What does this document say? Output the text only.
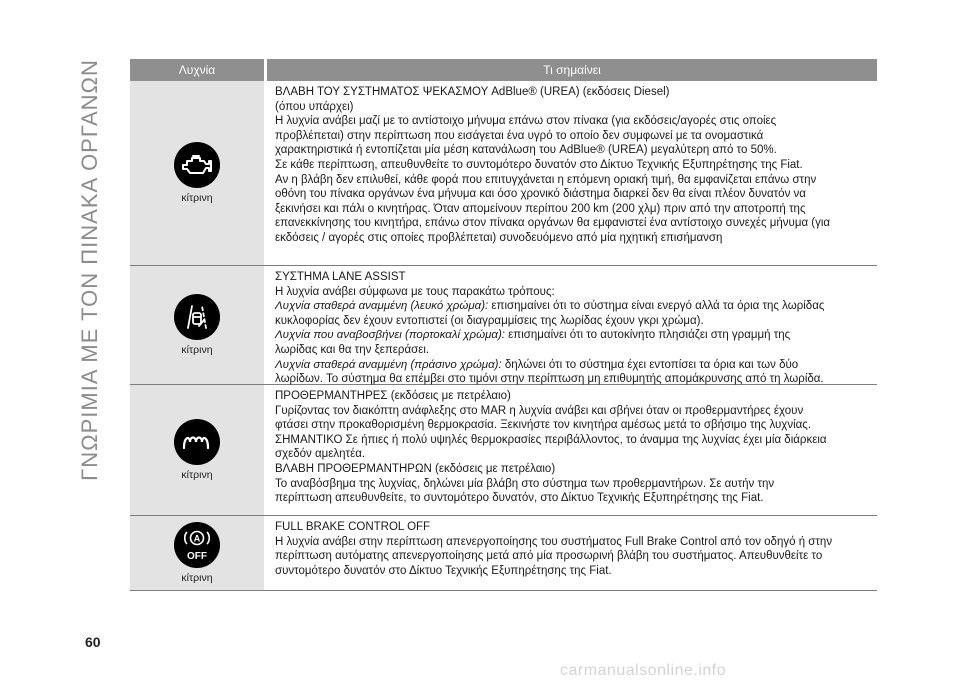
ΓΝΩΡΙΜΙΑ ΜΕ ΤΟΝ ΠΙΝΑΚΑ ΟΡΓΑΝΩΝ	Λυχνία	Τι σημαίνει
κίτρινη
ΒΛΑΒΗ ΤΟΥ ΣΥΣΤΗΜΑΤΟΣ ΨΕΚΑΣΜΟΥ AdBlue® (UREA) (εκδόσεις Diesel)
(όπου υπάρχει)
Η λυχνία ανάβει μαζί με το αντίστοιχο μήνυμα επάνω στον πίνακα (για εκδόσεις/αγορές στις οποίες
προβλέπεται) στην περίπτωση που εισάγεται ένα υγρό το οποίο δεν συμφωνεί με τα ονομαστικά
χαρακτηριστικά ή εντοπίζεται μία μέση κατανάλωση του AdBlue® (UREA) μεγαλύτερη από το 50%.
Σε κάθε περίπτωση, απευθυνθείτε το συντομότερο δυνατόν στο Δίκτυο Τεχνικής Εξυπηρέτησης της Fiat.
Αν η βλάβη δεν επιλυθεί, κάθε φορά που επιτυγχάνεται η επόμενη οριακή τιμή, θα εμφανίζεται επάνω στην
οθόνη του πίνακα οργάνων ένα μήνυμα και όσο χρονικό διάστημα διαρκεί δεν θα είναι πλέον δυνατόν να
ξεκινήσει και πάλι ο κινητήρας. Όταν απομείνουν περίπου 200 km (200 χλμ) πριν από την αποτροπή της
επανεκκίνησης του κινητήρα, επάνω στον πίνακα οργάνων θα εμφανιστεί ένα αντίστοιχο συνεχές μήνυμα (για
εκδόσεις / αγορές στις οποίες προβλέπεται) συνοδευόμενο από μία ηχητική επισήμανση
κίτρινη
ΣΥΣΤΗΜΑ LANE ASSIST
Η λυχνία ανάβει σύμφωνα με τους παρακάτω τρόπους:
Λυχνία σταθερά αναμμένη (λευκό χρώμα): επισημαίνει ότι το σύστημα είναι ενεργό αλλά τα όρια της λωρίδας
κυκλοφορίας δεν έχουν εντοπιστεί (οι διαγραμμίσεις της λωρίδας έχουν γκρι χρώμα).
Λυχνία που αναβοσβήνει (πορτοκαλί χρώμα): επισημαίνει ότι το αυτοκίνητο πλησιάζει στη γραμμή της
λωρίδας και θα την ξεπεράσει.
Λυχνία σταθερά αναμμένη (πράσινο χρώμα): δηλώνει ότι το σύστημα έχει εντοπίσει τα όρια και των δύο
λωρίδων. Το σύστημα θα επέμβει στο τιμόνι στην περίπτωση μη επιθυμητής απομάκρυνσης από τη λωρίδα.
κίτρινη
ΠΡΟΘΕΡΜΑΝΤΗΡΕΣ (εκδόσεις με πετρέλαιο)
Γυρίζοντας τον διακόπτη ανάφλεξης στο MAR η λυχνία ανάβει και σβήνει όταν οι προθερμαντήρες έχουν
φτάσει στην προκαθορισμένη θερμοκρασία. Ξεκινήστε τον κινητήρα αμέσως μετά το σβήσιμο της λυχνίας.
ΣΗΜΑΝΤΙΚΟ Σε ήπιες ή πολύ υψηλές θερμοκρασίες περιβάλλοντος, το άναμμα της λυχνίας έχει μία διάρκεια
σχεδόν αμελητέα.
ΒΛΑΒΗ ΠΡΟΘΕΡΜΑΝΤΗΡΩΝ (εκδόσεις με πετρέλαιο)
Το αναβόσβημα της λυχνίας, δηλώνει μία βλάβη στο σύστημα των προθερμαντήρων. Σε αυτήν την
περίπτωση απευθυνθείτε, το συντομότερο δυνατόν, στο Δίκτυο Τεχνικής Εξυπηρέτησης της Fiat.
A
OFF
κίτρινη
FULL BRAKE CONTROL OFF
Η λυχνία ανάβει στην περίπτωση απενεργοποίησης του συστήματος Full Brake Control από τον οδηγό ή στην
περίπτωση αυτόματης απενεργοποίησης μετά από μία προσωρινή βλάβη του συστήματος. Απευθυνθείτε το
συντομότερο δυνατόν στο Δίκτυο Τεχνικής Εξυπηρέτησης της Fiat.
60
carmanualsonline.info
